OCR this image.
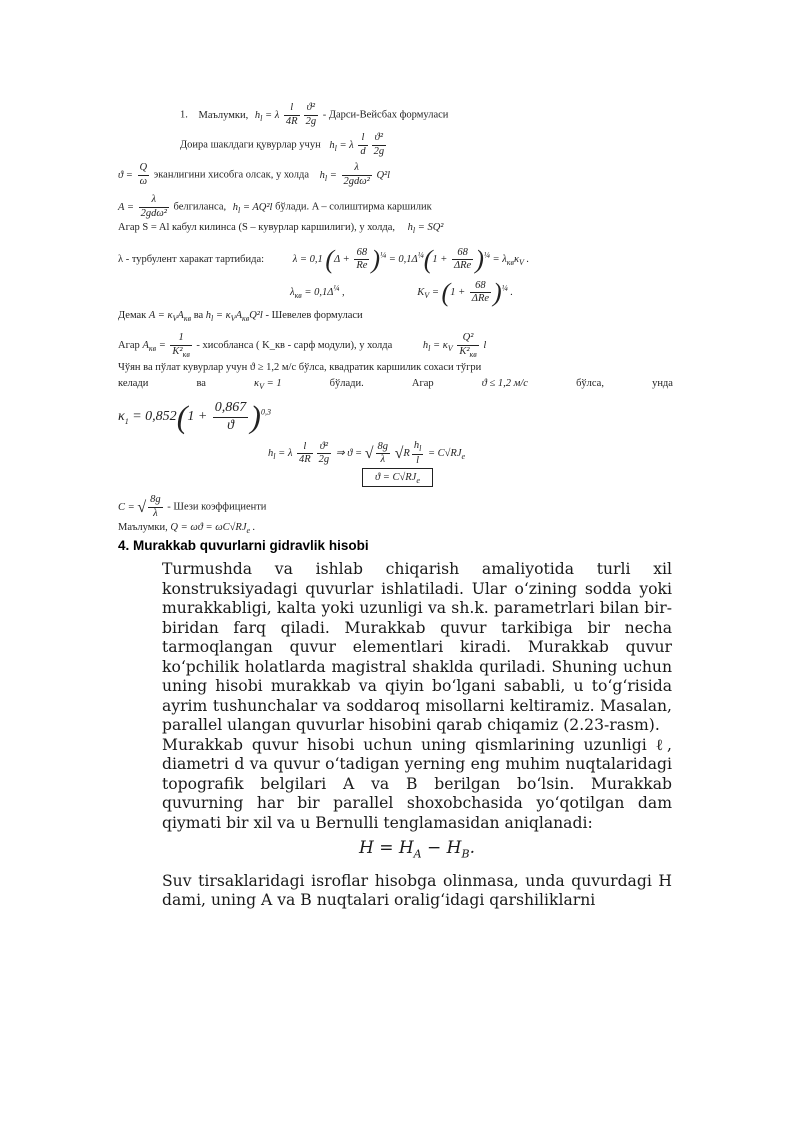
1. Маълумки, $h_l = \lambda \frac{l}{4R} \frac{\text{ϑ²}}{2g}$ - Дарси-Вейсбах формуласи
Доира шаклдаги қувурлар учун $h_l = \lambda \frac{l}{d} \frac{\text{ϑ²}}{2g}$
$ϑ = \frac{Q}{\omega}$ эканлигини хисобга олсак, у холда $h_l = \frac{\lambda}{\text{2gdω²}} Q^2l$
$A = \frac{\lambda}{\text{2gdω²}}$ белгиланса, $h_l = AQ^2l$ бўлади. A – солиштирма каршилик
Агар S = Al кабул килинса (S – кувурлар каршилиги), у холда, $h_l = SQ^2$
λ - турбулент харакат тартибида:	λ = 0,1 $(\Delta + \frac{68}{Re} )^{\frac{1}{4}} = 0,1\Delta^{\frac{1}{4}}(1 + \frac{68}{\text{ΔRe}} )^{\frac{1}{4}} = \lambda_{кв}\kappa_V$ .
$\lambda_{кв} = 0,1\Delta^{\frac{1}{4}}$ ,	$K_V = (1 + \frac{68}{\text{ΔRe}} )^{\frac{1}{4}}$ .
Демак $A = \kappa_VA_{кв}$ ва $h_l = \kappa_VA_{кв}Q^2l$ - Шевелев формуласи
Агар $A_{кв} = \frac{1}{K^2_{кв}}$ - хисобланса ( K_кв - сарф модули), у холда	$h_l = \kappa_V \frac{\text{Q²}}{K^2_{кв}}$ l
Чўян ва пўлат кувурлар учун ϑ ≥ 1,2 м/с бўлса, квадратик каршилик сохаси тўгри
келади	ва	$\kappa_V = 1$	бўлади.	Агар	ϑ ≤ 1,2 м/с	бўлса,	унда
$\kappa_1 = 0,852(1 + \frac{0,867}{ϑ} )^{0,3}$
$h_l = \lambda \frac{l}{4R} \frac{\text{ϑ²}}{2g}$ ⇒ ϑ = √ $\frac{8g}{\lambda} √R \frac{h_l}{l} = C√RJ_e$
$ϑ = C√RJ_e$
C = √ $\frac{8g}{\lambda}$ - Шези коэффициенти
Маълумки, $Q = \omega ϑ = \omega C√RJ_e$ .
4. Murakkab quvurlarni gidravlik hisobi

Turmushda va ishlab chiqarish amaliyotida turli xil konstruksiyadagi quvurlar ishlatiladi. Ular o‘zining sodda yoki murakkabligi, kalta yoki uzunligi va sh.k. parametrlari bilan bir-biridan farq qiladi. Murakkab quvur tarkibiga bir necha tarmoqlangan quvur elementlari kiradi. Murakkab quvur ko‘pchilik holatlarda magistral shaklda quriladi. Shuning uchun uning hisobi murakkab va qiyin bo‘lgani sababli, u to‘g‘risida ayrim tushunchalar va soddaroq misollarni keltiramiz. Masalan, parallel ulangan quvurlar hisobini qarab chiqamiz (2.23-rasm).

Murakkab quvur hisobi uchun uning qismlarining uzunligi ℓ, diametri d va quvur o‘tadigan yerning eng muhim nuqtalaridagi topografik belgilari A va B berilgan bo‘lsin. Murakkab quvurning har bir parallel shoxobchasida yo‘qotilgan dam qiymati bir xil va u Bernulli tenglamasidan aniqlanadi:

$H = H_A - H_B$.

Suv tirsaklaridagi isroflar hisobga olinmasa, unda quvurdagi H dami, uning A va B nuqtalari oralig‘idagi qarshiliklarni
